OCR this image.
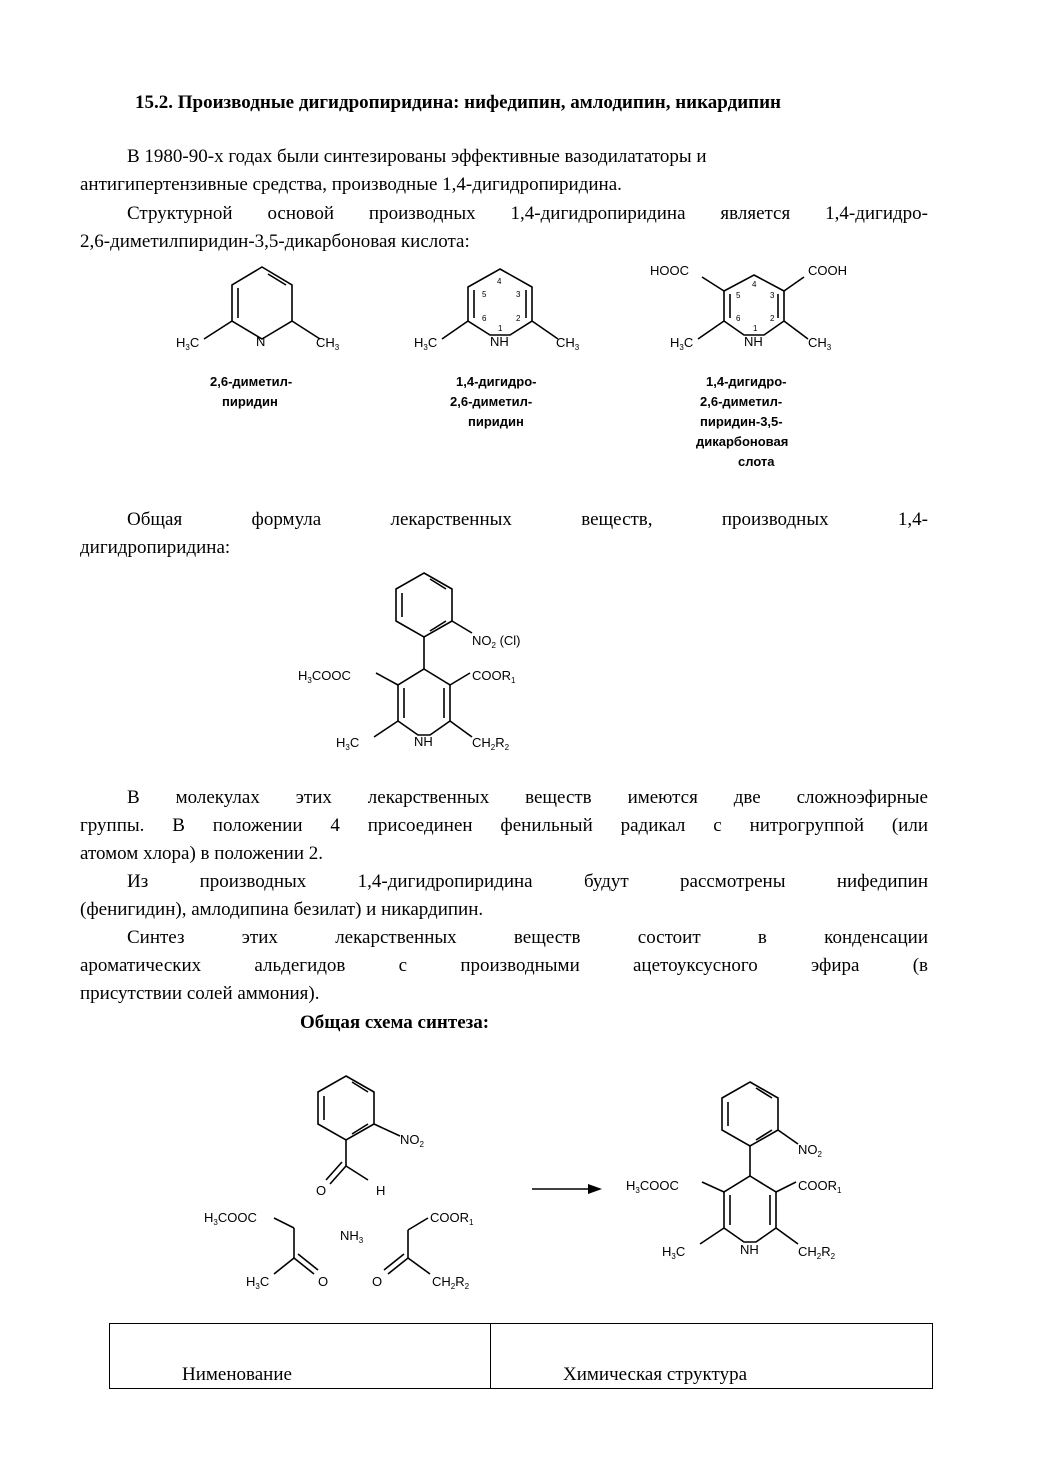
15.2. Производные дигидропиридина: нифедипин, амлодипин, никардипин
В 1980-90-х годах были синтезированы эффективные вазодилататоры и
антигипертензивные средства, производные 1,4-дигидропиридина.
Структурной основой производных 1,4-дигидропиридина является 1,4-дигидро-
2,6-диметилпиридин-3,5-дикарбоновая кислота:
N
$H_3C$	$CH_3$
2,6-диметил-
пиридин
4
5	3
6	2
1
NH
$H_3C$	$CH_3$
1,4-дигидро-
2,6-диметил-
пиридин
HOOC	COOH
4
5	3
6	2
1
NH
$H_3C$	$CH_3$
1,4-дигидро-
2,6-диметил-
пиридин-3,5-
дикарбоновая
слота
Общая формула лекарственных веществ, производных 1,4-
дигидропиридина:
$NO_2$ (Cl)
$H_3COOC$	$COOR_1$
$H_3C$	NH	$CH_2R_2$
В молекулах этих лекарственных веществ имеются две сложноэфирные
группы. В положении 4 присоединен фенильный радикал с нитрогруппой (или
атомом хлора) в положении 2.
Из производных 1,4-дигидропиридина будут рассмотрены нифедипин
(фенигидин), амлодипина безилат) и никардипин.
Синтез этих лекарственных веществ состоит в конденсации
ароматических альдегидов с производными ацетоуксусного эфира (в
присутствии солей аммония).
Общая схема синтеза:
$NO_2$
O	H
$H_3COOC$
$NH_3$
$COOR_1$
$H_3C$	O	O	$CH_2R_2$
$NO_2$
$H_3COOC$	$COOR_1$
$H_3C$	NH	$CH_2R_2$
Нименование	Химическая структура
